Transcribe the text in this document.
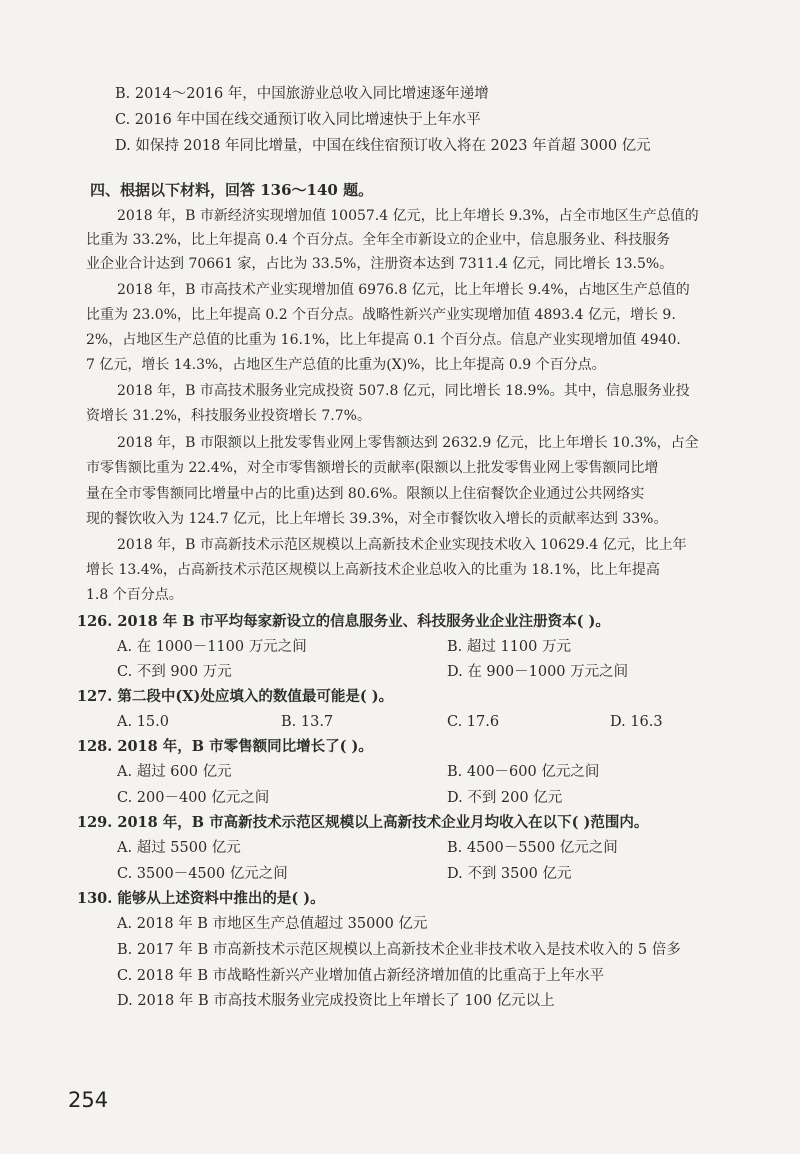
B. 2014～2016 年，中国旅游业总收入同比增速逐年递增
C. 2016 年中国在线交通预订收入同比增速快于上年水平
D. 如保持 2018 年同比增量，中国在线住宿预订收入将在 2023 年首超 3000 亿元
四、根据以下材料，回答 136～140 题。
2018 年，B 市新经济实现增加值 10057.4 亿元，比上年增长 9.3%，占全市地区生产总值的
比重为 33.2%，比上年提高 0.4 个百分点。全年全市新设立的企业中，信息服务业、科技服务
业企业合计达到 70661 家，占比为 33.5%，注册资本达到 7311.4 亿元，同比增长 13.5%。
2018 年，B 市高技术产业实现增加值 6976.8 亿元，比上年增长 9.4%，占地区生产总值的
比重为 23.0%，比上年提高 0.2 个百分点。战略性新兴产业实现增加值 4893.4 亿元，增长 9.
2%，占地区生产总值的比重为 16.1%，比上年提高 0.1 个百分点。信息产业实现增加值 4940.
7 亿元，增长 14.3%，占地区生产总值的比重为(X)%，比上年提高 0.9 个百分点。
2018 年，B 市高技术服务业完成投资 507.8 亿元，同比增长 18.9%。其中，信息服务业投
资增长 31.2%，科技服务业投资增长 7.7%。
2018 年，B 市限额以上批发零售业网上零售额达到 2632.9 亿元，比上年增长 10.3%，占全
市零售额比重为 22.4%，对全市零售额增长的贡献率(限额以上批发零售业网上零售额同比增
量在全市零售额同比增量中占的比重)达到 80.6%。限额以上住宿餐饮企业通过公共网络实
现的餐饮收入为 124.7 亿元，比上年增长 39.3%，对全市餐饮收入增长的贡献率达到 33%。
2018 年，B 市高新技术示范区规模以上高新技术企业实现技术收入 10629.4 亿元，比上年
增长 13.4%，占高新技术示范区规模以上高新技术企业总收入的比重为 18.1%，比上年提高
1.8 个百分点。
126. 2018 年 B 市平均每家新设立的信息服务业、科技服务业企业注册资本( )。
A. 在 1000－1100 万元之间	B. 超过 1100 万元
C. 不到 900 万元	D. 在 900－1000 万元之间
127. 第二段中(X)处应填入的数值最可能是( )。
A. 15.0	B. 13.7	C. 17.6	D. 16.3
128. 2018 年，B 市零售额同比增长了( )。
A. 超过 600 亿元	B. 400－600 亿元之间
C. 200－400 亿元之间	D. 不到 200 亿元
129. 2018 年，B 市高新技术示范区规模以上高新技术企业月均收入在以下( )范围内。
A. 超过 5500 亿元	B. 4500－5500 亿元之间
C. 3500－4500 亿元之间	D. 不到 3500 亿元
130. 能够从上述资料中推出的是( )。
A. 2018 年 B 市地区生产总值超过 35000 亿元
B. 2017 年 B 市高新技术示范区规模以上高新技术企业非技术收入是技术收入的 5 倍多
C. 2018 年 B 市战略性新兴产业增加值占新经济增加值的比重高于上年水平
D. 2018 年 B 市高技术服务业完成投资比上年增长了 100 亿元以上
254
